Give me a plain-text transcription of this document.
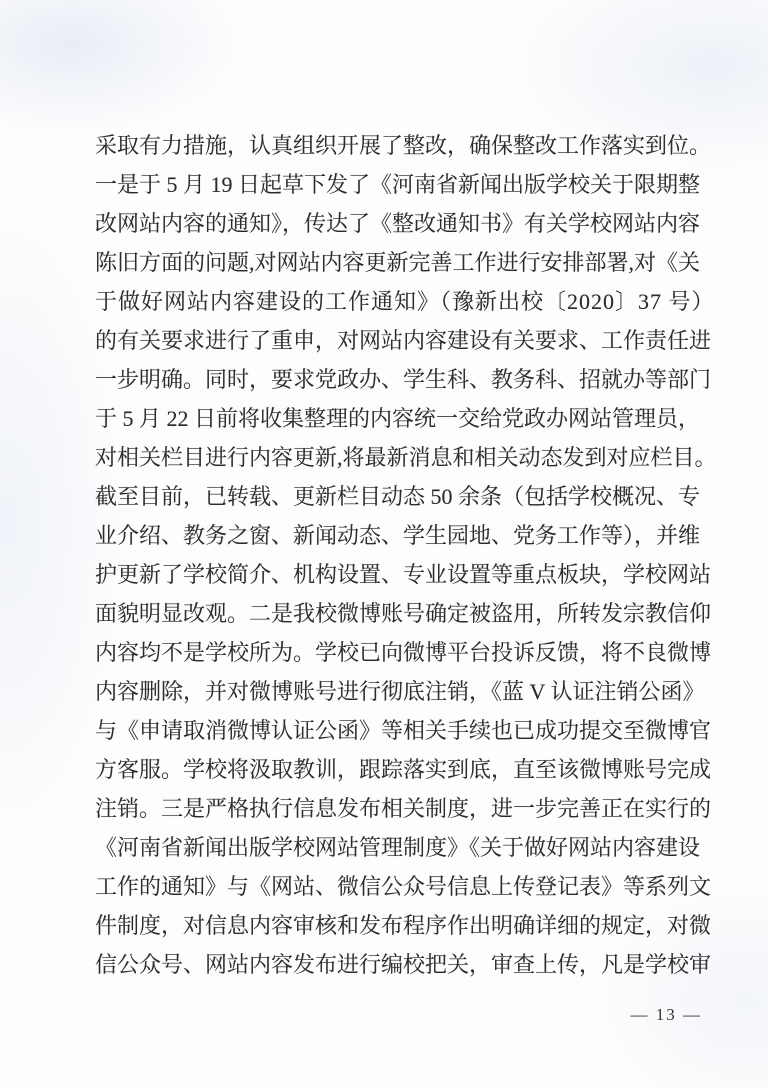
采取有力措施，认真组织开展了整改，确保整改工作落实到位。
一是于 5 月 19 日起草下发了《河南省新闻出版学校关于限期整
改网站内容的通知》，传达了《整改通知书》有关学校网站内容
陈旧方面的问题,对网站内容更新完善工作进行安排部署,对《关
于做好网站内容建设的工作通知》（豫新出校〔2020〕37 号）
的有关要求进行了重申，对网站内容建设有关要求、工作责任进
一步明确。同时，要求党政办、学生科、教务科、招就办等部门
于 5 月 22 日前将收集整理的内容统一交给党政办网站管理员，
对相关栏目进行内容更新,将最新消息和相关动态发到对应栏目。
截至目前，已转载、更新栏目动态 50 余条（包括学校概况、专
业介绍、教务之窗、新闻动态、学生园地、党务工作等），并维
护更新了学校简介、机构设置、专业设置等重点板块，学校网站
面貌明显改观。二是我校微博账号确定被盗用，所转发宗教信仰
内容均不是学校所为。学校已向微博平台投诉反馈，将不良微博
内容删除，并对微博账号进行彻底注销，《蓝 V 认证注销公函》
与《申请取消微博认证公函》等相关手续也已成功提交至微博官
方客服。学校将汲取教训，跟踪落实到底，直至该微博账号完成
注销。三是严格执行信息发布相关制度，进一步完善正在实行的
《河南省新闻出版学校网站管理制度》《关于做好网站内容建设
工作的通知》与《网站、微信公众号信息上传登记表》等系列文
件制度，对信息内容审核和发布程序作出明确详细的规定，对微
信公众号、网站内容发布进行编校把关，审查上传，凡是学校审
— 13 —
